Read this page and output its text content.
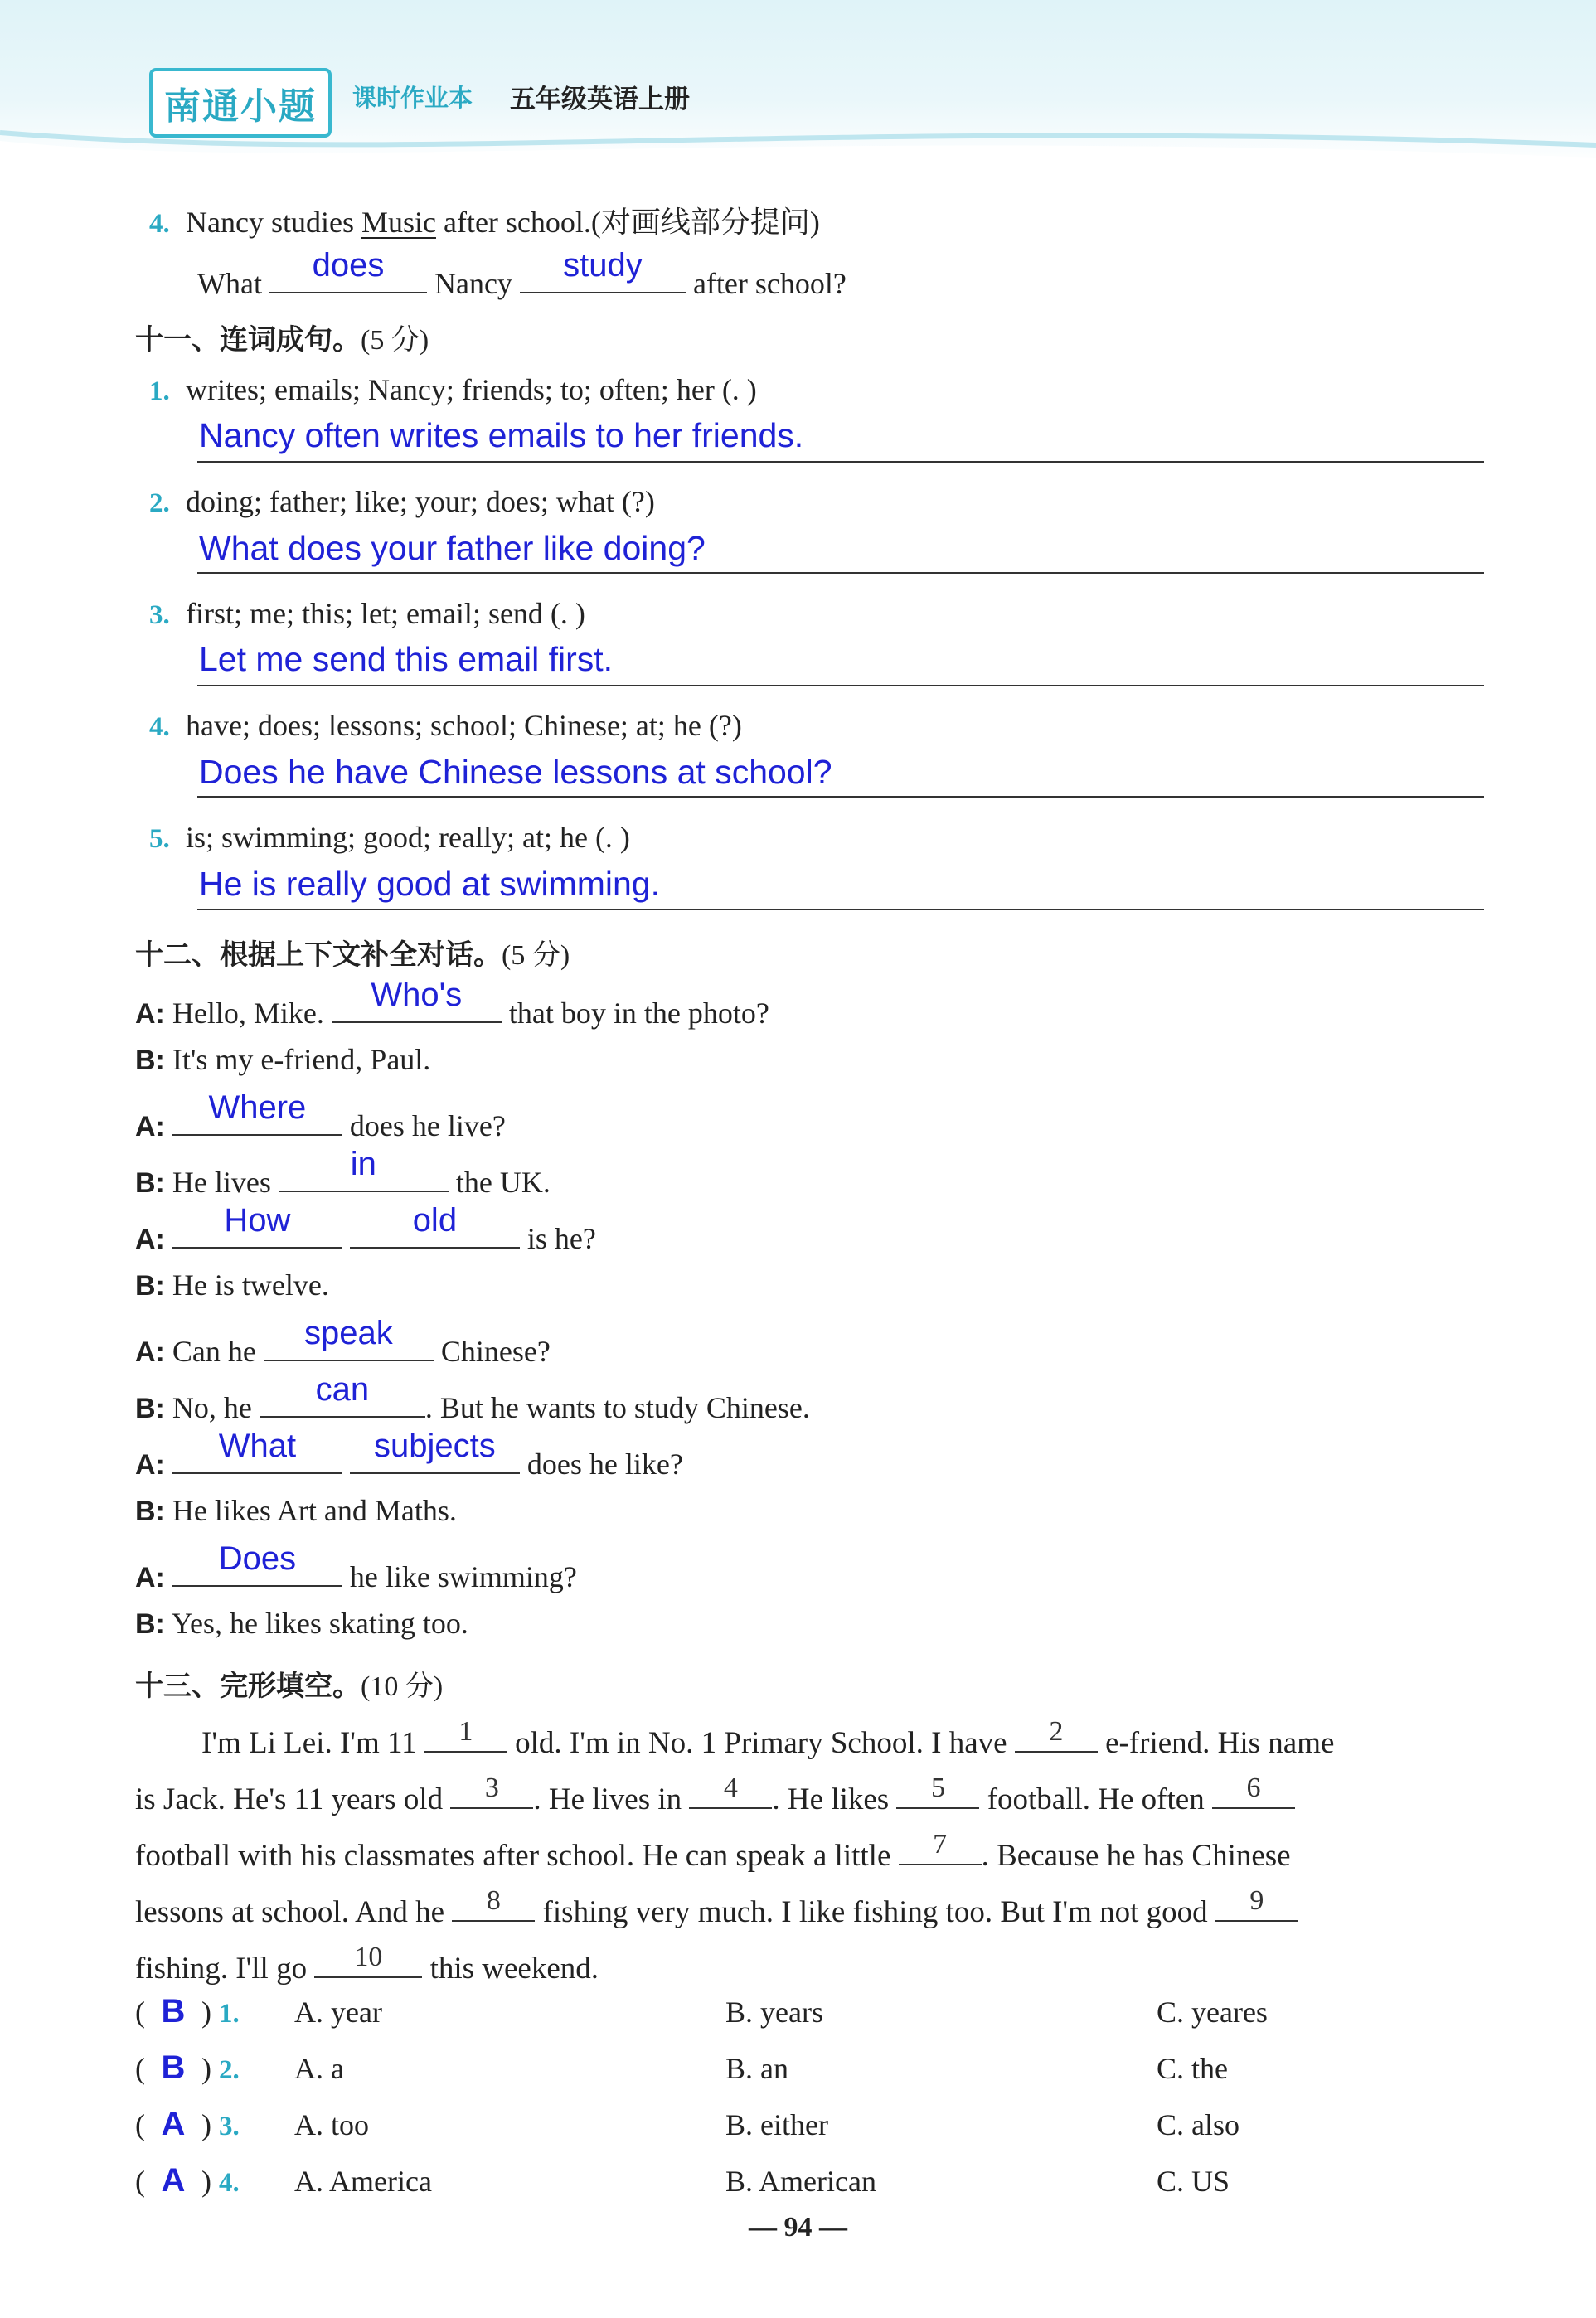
南通小题	课时作业本 五年级英语上册
4. Nancy studies Music after school.(对画线部分提问)
What	does	Nancy	study	after school?
十一、连词成句。(5 分)
1. writes; emails; Nancy; friends; to; often; her (. )
Nancy often writes emails to her friends.
2. doing; father; like; your; does; what (?)
What does your father like doing?
3. first; me; this; let; email; send (. )
Let me send this email first.
4. have; does; lessons; school; Chinese; at; he (?)
Does he have Chinese lessons at school?
5. is; swimming; good; really; at; he (. )
He is really good at swimming.
十二、根据上下文补全对话。(5 分)
A: Hello, Mike.	Who's	that boy in the photo?
B: It's my e-friend, Paul.
A:
Where	does he live?
B: He lives	in	the UK.
A:
How
	old	is he?
B: He is twelve.
A: Can he	speak	Chinese?
B: No, he	can	. But he wants to study Chinese.
A:
What
	subjects	does he like?
B: He likes Art and Maths.
A:
Does	he like swimming?
B: Yes, he likes skating too.
十三、完形填空。(10 分)
I'm Li Lei. I'm 11	1	old. I'm in No. 1 Primary School. I have	2	e-friend. His name
is Jack. He's 11 years old	3	. He lives in	4	. He likes	5	football. He often	6
football with his classmates after school. He can speak a little	7	. Because he has Chinese
lessons at school. And he	8	fishing very much. I like fishing too. But I'm not good	9
fishing. I'll go	10	this weekend.
( B ) 1.	A. year	B. years	C. yeares
( B ) 2.	A. a	B. an	C. the
( A ) 3.	A. too	B. either	C. also
( A ) 4.	A. America	B. American	C. US
— 94 —
